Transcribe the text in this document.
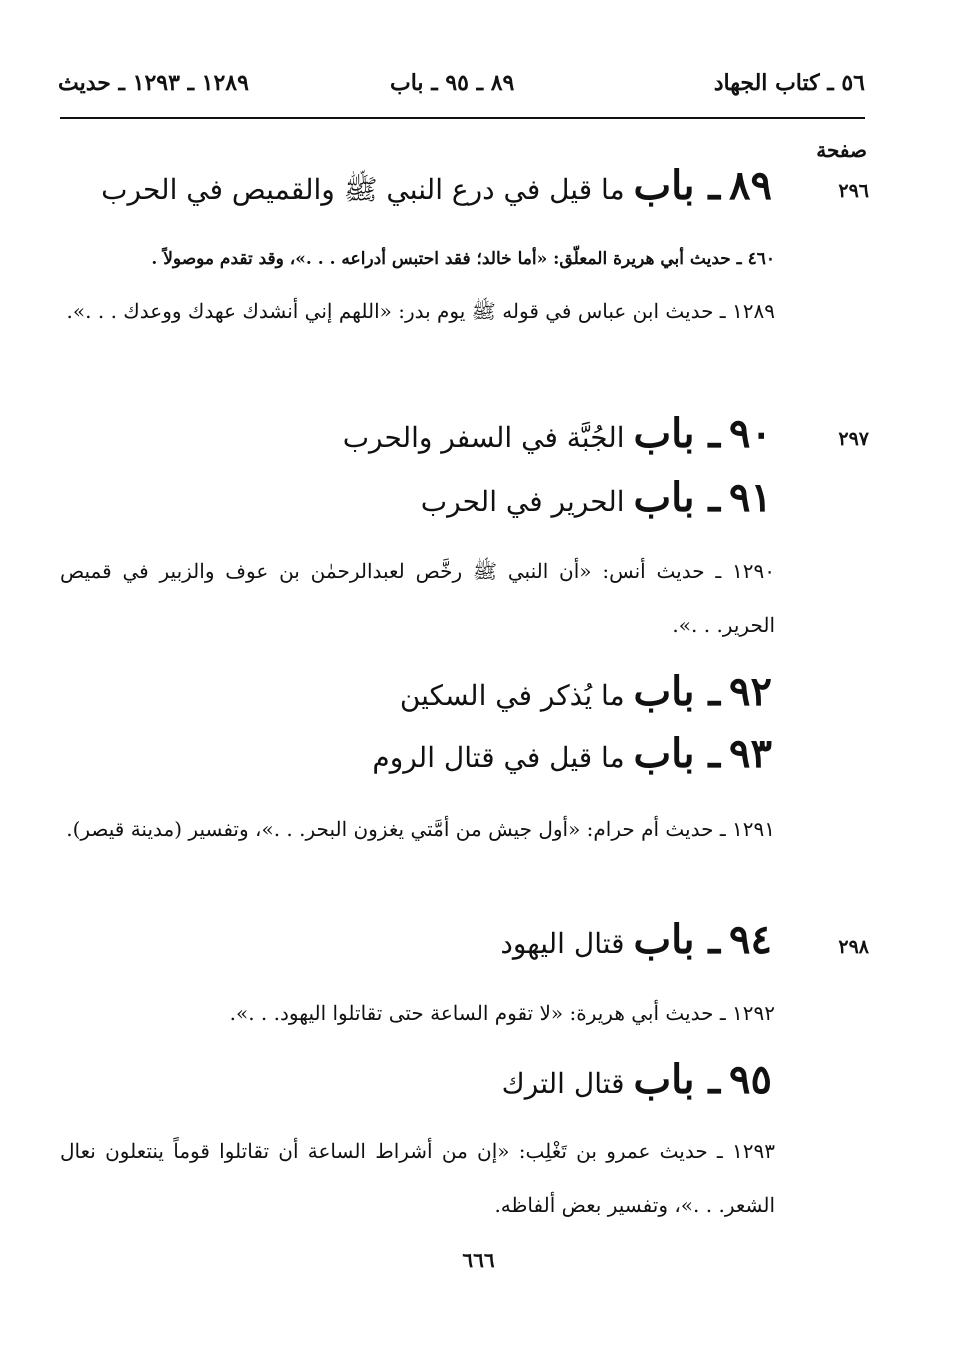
٥٦ ـ كتاب الجهاد
٨٩ ـ ٩٥ ـ باب
١٢٨٩ ـ ١٢٩٣ ـ حديث
صفحة
٢٩٦
٨٩ ـ باب ما قيل في درع النبي ﷺ والقميص في الحرب
٤٦٠ ـ حديث أبي هريرة المعلّق: «أما خالد؛ فقد احتبس أدراعه . . .»، وقد تقدم موصولاً .
١٢٨٩ ـ حديث ابن عباس في قوله ﷺ يوم بدر: «اللهم إني أنشدك عهدك ووعدك . . .».
٢٩٧
٩٠ ـ باب الجُبَّة في السفر والحرب
٩١ ـ باب الحرير في الحرب
١٢٩٠ ـ حديث أنس: «أن النبي ﷺ رخَّص لعبدالرحمٰن بن عوف والزبير في قميص الحرير. . .».
٩٢ ـ باب ما يُذكر في السكين
٩٣ ـ باب ما قيل في قتال الروم
١٢٩١ ـ حديث أم حرام: «أول جيش من أمَّتي يغزون البحر. . .»، وتفسير (مدينة قيصر).
٢٩٨
٩٤ ـ باب قتال اليهود
١٢٩٢ ـ حديث أبي هريرة: «لا تقوم الساعة حتى تقاتلوا اليهود. . .».
٩٥ ـ باب قتال الترك
١٢٩٣ ـ حديث عمرو بن تَغْلِب: «إن من أشراط الساعة أن تقاتلوا قوماً ينتعلون نعال الشعر. . .»، وتفسير بعض ألفاظه.
٦٦٦
